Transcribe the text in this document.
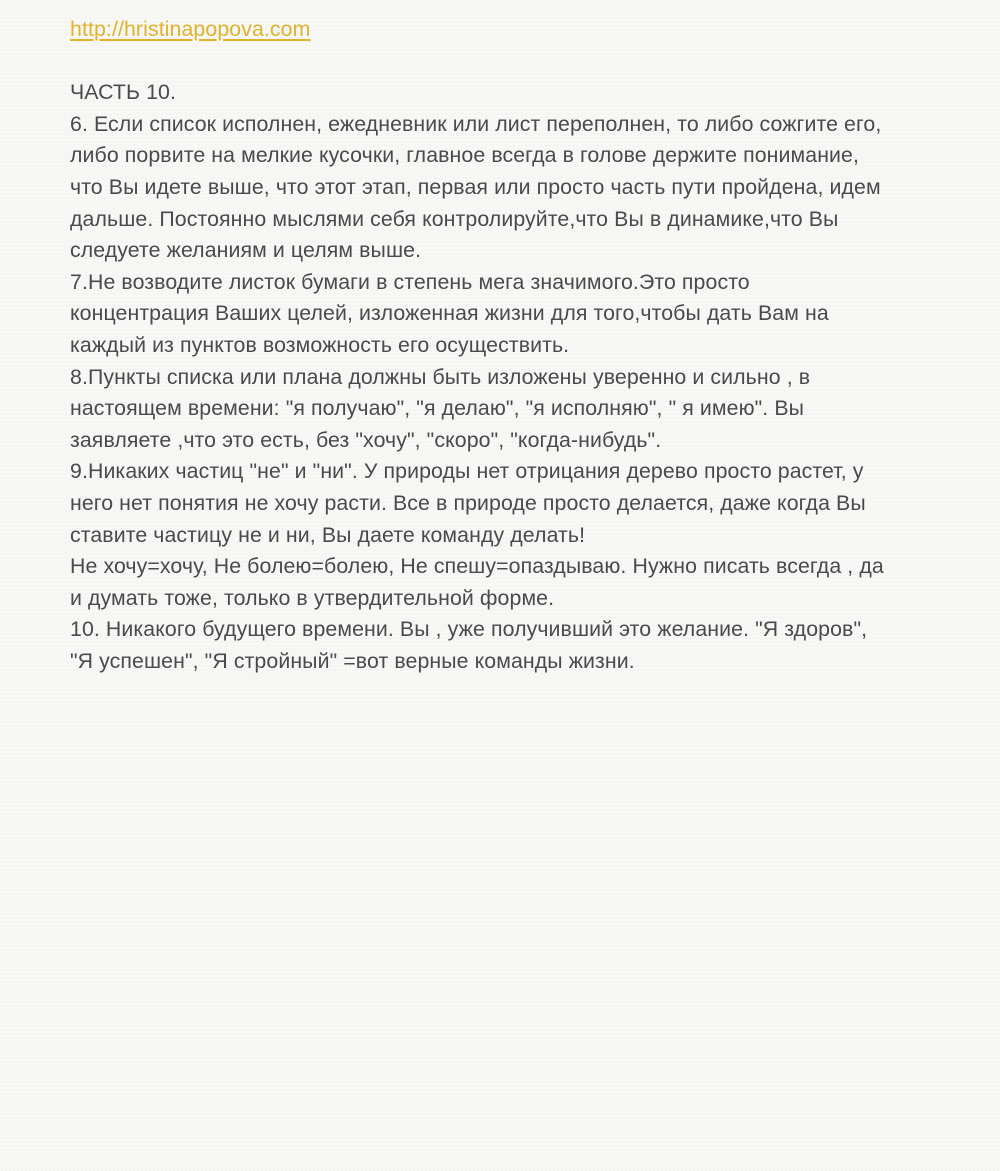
http://hristinapopova.com

ЧАСТЬ 10.

6. Если список исполнен, ежедневник или лист переполнен, то либо сожгите его,

либо порвите на мелкие кусочки, главное всегда в голове держите понимание,

что Вы идете выше, что этот этап, первая или просто часть пути пройдена, идем

дальше. Постоянно мыслями себя контролируйте,что Вы в динамике,что Вы

следуете желаниям и целям выше.

7.Не возводите листок бумаги в степень мега значимого.Это просто

концентрация Ваших целей, изложенная жизни для того,чтобы дать Вам на

каждый из пунктов возможность его осуществить.

8.Пункты списка или плана должны быть изложены уверенно и сильно , в

настоящем времени: "я получаю", "я делаю", "я исполняю", " я имею". Вы

заявляете ,что это есть, без "хочу", "скоро", "когда-нибудь".

9.Никаких частиц "не" и "ни". У природы нет отрицания дерево просто растет, у

него нет понятия не хочу расти. Все в природе просто делается, даже когда Вы

ставите частицу не и ни, Вы даете команду делать!

Не хочу=хочу, Не болею=болею, Не спешу=опаздываю. Нужно писать всегда , да

и думать тоже, только в утвердительной форме.

10. Никакого будущего времени. Вы , уже получивший это желание. "Я здоров",

"Я успешен", "Я стройный" =вот верные команды жизни.
